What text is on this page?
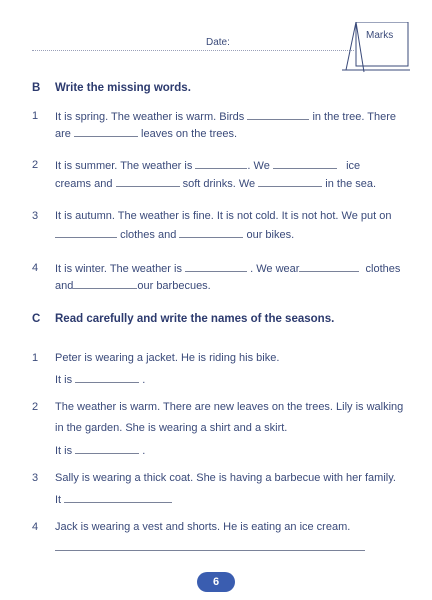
Date:
Marks
B Write the missing words.
1 It is spring. The weather is warm. Birds	in the tree. There
are	leaves on the trees.
2 It is summer. The weather is	. We	ice
creams and	soft drinks. We	in the sea.
3 It is autumn. The weather is fine. It is not cold. It is not hot. We put on
clothes and	our bikes.
4 It is winter. The weather is	. We wear	clothes
and	our barbecues.
C Read carefully and write the names of the seasons.
1 Peter is wearing a jacket. He is riding his bike.
It is	.
2 The weather is warm. There are new leaves on the trees. Lily is walking
in the garden. She is wearing a shirt and a skirt.
It is	.
3 Sally is wearing a thick coat. She is having a barbecue with her family.
It
4 Jack is wearing a vest and shorts. He is eating an ice cream.
6
